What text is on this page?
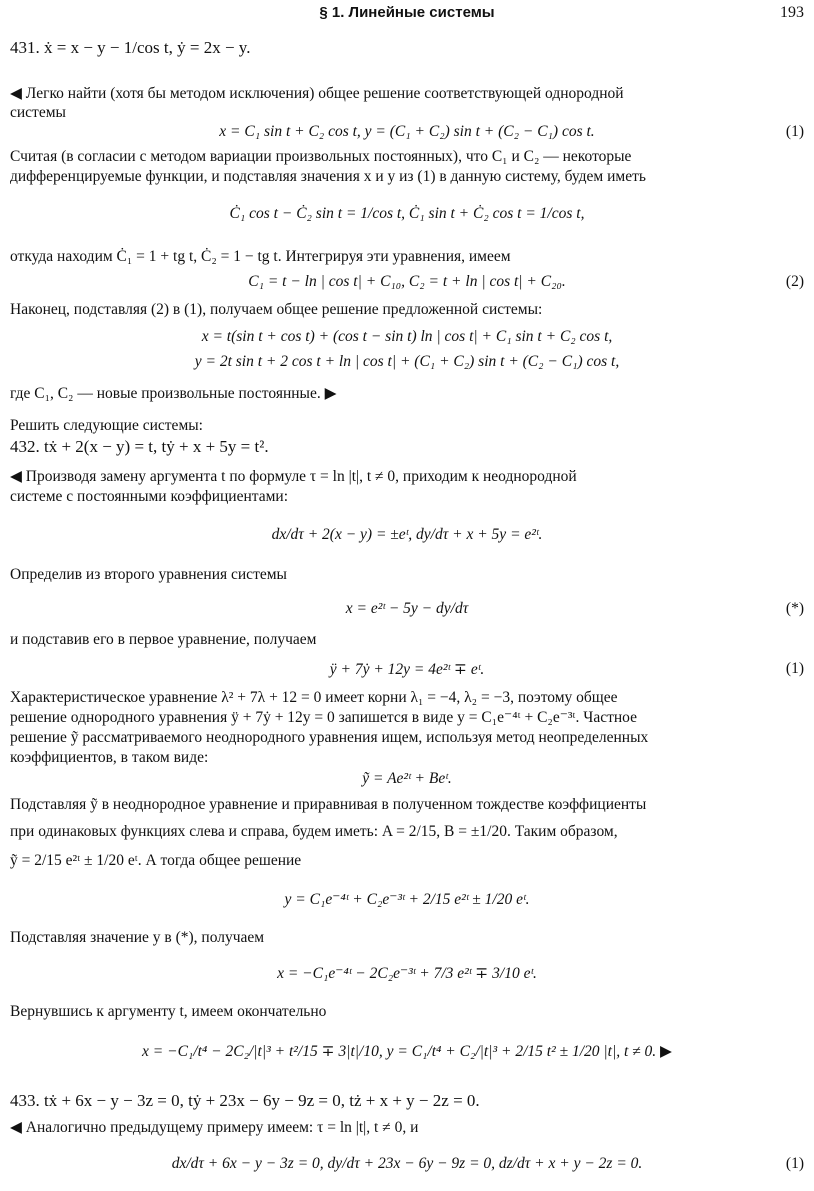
§ 1. Линейные системы	193
431. ẋ = x − y − 1/cos t, ẏ = 2x − y.
◀ Легко найти (хотя бы методом исключения) общее решение соответствующей однородной
системы
x = C₁ sin t + C₂ cos t, y = (C₁ + C₂) sin t + (C₂ − C₁) cos t.	(1)
Считая (в согласии с методом вариации произвольных постоянных), что C₁ и C₂ — некоторые
дифференцируемые функции, и подставляя значения x и y из (1) в данную систему, будем иметь
Ċ₁ cos t − Ċ₂ sin t = 1/cos t, Ċ₁ sin t + Ċ₂ cos t = 1/cos t,
откуда находим Ċ₁ = 1 + tg t, Ċ₂ = 1 − tg t. Интегрируя эти уравнения, имеем
C₁ = t − ln | cos t| + C₁₀, C₂ = t + ln | cos t| + C₂₀.	(2)
Наконец, подставляя (2) в (1), получаем общее решение предложенной системы:
x = t(sin t + cos t) + (cos t − sin t) ln | cos t| + C₁ sin t + C₂ cos t,
y = 2t sin t + 2 cos t + ln | cos t| + (C₁ + C₂) sin t + (C₂ − C₁) cos t,
где C₁, C₂ — новые произвольные постоянные. ▶
Решить следующие системы:
432. tẋ + 2(x − y) = t, tẏ + x + 5y = t².
◀ Производя замену аргумента t по формуле τ = ln |t|, t ≠ 0, приходим к неоднородной
системе с постоянными коэффициентами:
dx/dτ + 2(x − y) = ±eᵗ, dy/dτ + x + 5y = e²ᵗ.
Определив из второго уравнения системы
x = e²ᵗ − 5y − dy/dτ	(*)
и подставив его в первое уравнение, получаем
ÿ + 7ẏ + 12y = 4e²ᵗ ∓ eᵗ.	(1)
Характеристическое уравнение λ² + 7λ + 12 = 0 имеет корни λ₁ = −4, λ₂ = −3, поэтому общее
решение однородного уравнения ÿ + 7ẏ + 12y = 0 запишется в виде y = C₁e⁻⁴ᵗ + C₂e⁻³ᵗ. Частное
решение ỹ рассматриваемого неоднородного уравнения ищем, используя метод неопределенных
коэффициентов, в таком виде:
ỹ = Ae²ᵗ + Beᵗ.
Подставляя ỹ в неоднородное уравнение и приравнивая в полученном тождестве коэффициенты
при одинаковых функциях слева и справа, будем иметь: A = 2/15, B = ±1/20. Таким образом,
ỹ = 2/15 e²ᵗ ± 1/20 eᵗ. А тогда общее решение
y = C₁e⁻⁴ᵗ + C₂e⁻³ᵗ + 2/15 e²ᵗ ± 1/20 eᵗ.
Подставляя значение y в (*), получаем
x = −C₁e⁻⁴ᵗ − 2C₂e⁻³ᵗ + 7/3 e²ᵗ ∓ 3/10 eᵗ.
Вернувшись к аргументу t, имеем окончательно
x = −C₁/t⁴ − 2C₂/|t|³ + t²/15 ∓ 3|t|/10, y = C₁/t⁴ + C₂/|t|³ + 2/15 t² ± 1/20 |t|, t ≠ 0. ▶
433. tẋ + 6x − y − 3z = 0, tẏ + 23x − 6y − 9z = 0, tż + x + y − 2z = 0.
◀ Аналогично предыдущему примеру имеем: τ = ln |t|, t ≠ 0, и
dx/dτ + 6x − y − 3z = 0, dy/dτ + 23x − 6y − 9z = 0, dz/dτ + x + y − 2z = 0.	(1)
